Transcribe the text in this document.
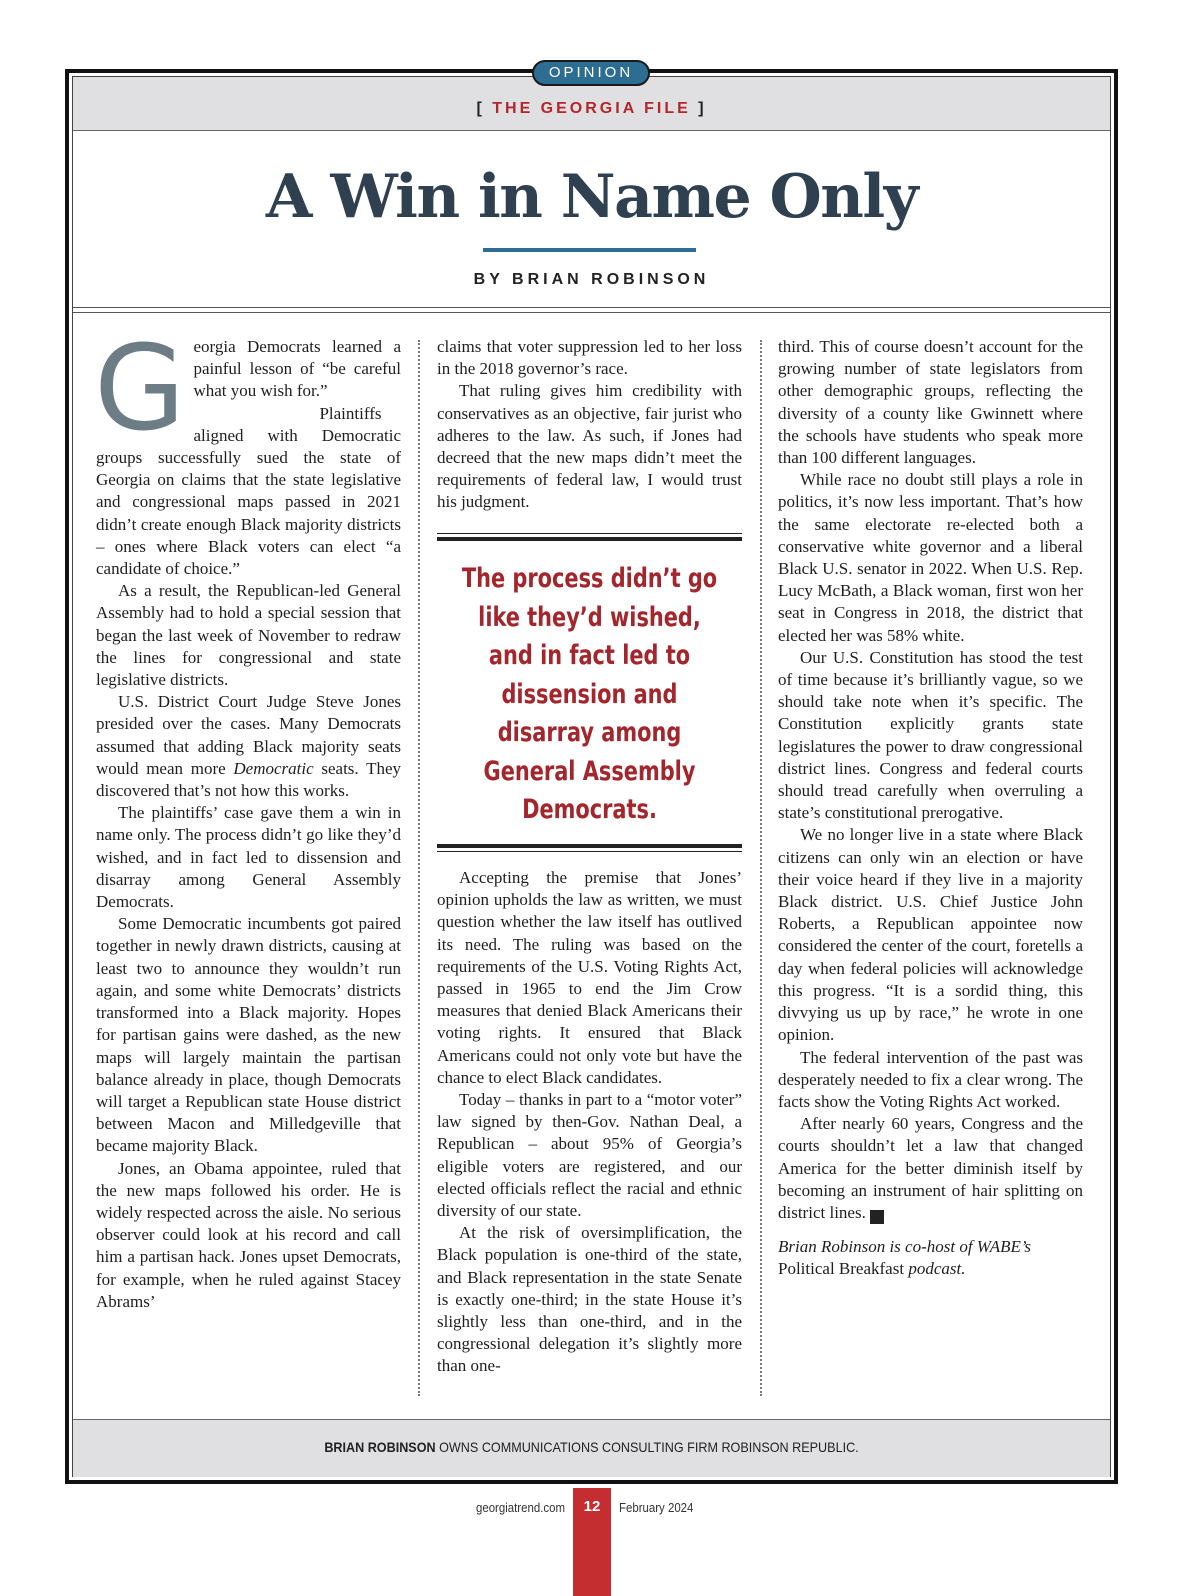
OPINION
[ THE GEORGIA FILE ]
A Win in Name Only
BY BRIAN ROBINSON

Georgia Democrats learned a painful lesson of “be careful what you wish for.”

Plaintiffs aligned with Democratic groups successfully sued the state of Georgia on claims that the state legislative and congressional maps passed in 2021 didn’t create enough Black majority districts – ones where Black voters can elect “a candidate of choice.”

As a result, the Republican-led General Assembly had to hold a special session that began the last week of November to redraw the lines for congressional and state legislative districts.

U.S. District Court Judge Steve Jones presided over the cases. Many Democrats assumed that adding Black majority seats would mean more Democratic seats. They discovered that’s not how this works.

The plaintiffs’ case gave them a win in name only. The process didn’t go like they’d wished, and in fact led to dissension and disarray among General Assembly Democrats.

Some Democratic incumbents got paired together in newly drawn districts, causing at least two to announce they wouldn’t run again, and some white Democrats’ districts transformed into a Black majority. Hopes for partisan gains were dashed, as the new maps will largely maintain the partisan balance already in place, though Democrats will target a Republican state House district between Macon and Milledgeville that became majority Black.

Jones, an Obama appointee, ruled that the new maps followed his order. He is widely respected across the aisle. No serious observer could look at his record and call him a partisan hack. Jones upset Democrats, for example, when he ruled against Stacey Abrams’

claims that voter suppression led to her loss in the 2018 governor’s race.

That ruling gives him credibility with conservatives as an objective, fair jurist who adheres to the law. As such, if Jones had decreed that the new maps didn’t meet the requirements of federal law, I would trust his judgment.

The process didn’t go like they’d wished, and in fact led to dissension and disarray among General Assembly Democrats.

Accepting the premise that Jones’ opinion upholds the law as written, we must question whether the law itself has outlived its need. The ruling was based on the requirements of the U.S. Voting Rights Act, passed in 1965 to end the Jim Crow measures that denied Black Americans their voting rights. It ensured that Black Americans could not only vote but have the chance to elect Black candidates.

Today – thanks in part to a “motor voter” law signed by then-Gov. Nathan Deal, a Republican – about 95% of Georgia’s eligible voters are registered, and our elected officials reflect the racial and ethnic diversity of our state.

At the risk of oversimplification, the Black population is one-third of the state, and Black representation in the state Senate is exactly one-third; in the state House it’s slightly less than one-third, and in the congressional delegation it’s slightly more than one-

third. This of course doesn’t account for the growing number of state legislators from other demographic groups, reflecting the diversity of a county like Gwinnett where the schools have students who speak more than 100 different languages.

While race no doubt still plays a role in politics, it’s now less important. That’s how the same electorate re-elected both a conservative white governor and a liberal Black U.S. senator in 2022. When U.S. Rep. Lucy McBath, a Black woman, first won her seat in Congress in 2018, the district that elected her was 58% white.

Our U.S. Constitution has stood the test of time because it’s brilliantly vague, so we should take note when it’s specific. The Constitution explicitly grants state legislatures the power to draw congressional district lines. Congress and federal courts should tread carefully when overruling a state’s constitutional prerogative.

We no longer live in a state where Black citizens can only win an election or have their voice heard if they live in a majority Black district. U.S. Chief Justice John Roberts, a Republican appointee now considered the center of the court, foretells a day when federal policies will acknowledge this progress. “It is a sordid thing, this divvying us up by race,” he wrote in one opinion.

The federal intervention of the past was desperately needed to fix a clear wrong. The facts show the Voting Rights Act worked.

After nearly 60 years, Congress and the courts shouldn’t let a law that changed America for the better diminish itself by becoming an instrument of hair splitting on district lines.	GT

Brian Robinson is co-host of WABE’s Political Breakfast podcast.

BRIAN ROBINSON OWNS COMMUNICATIONS CONSULTING FIRM ROBINSON REPUBLIC.
georgiatrend.com	12	February 2024
